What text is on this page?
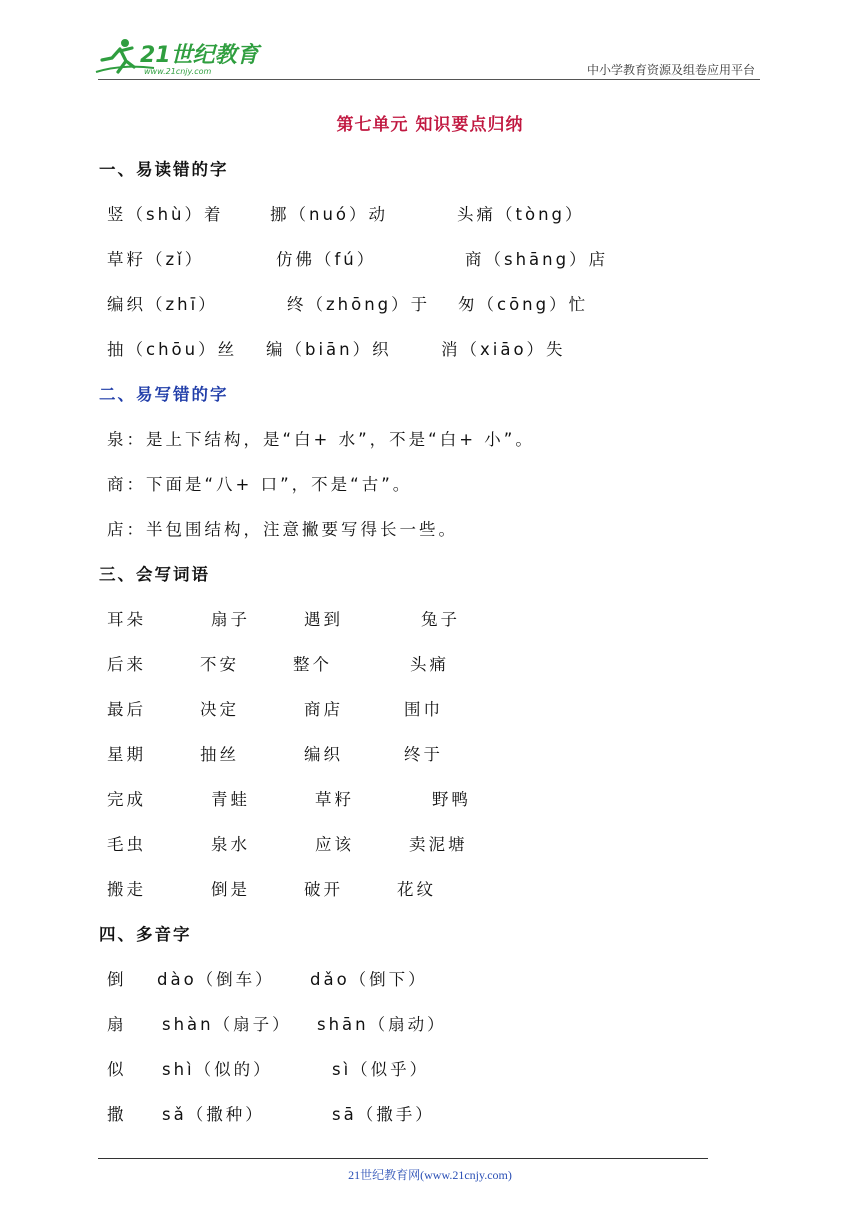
21世纪教育
www.21cnjy.com	中小学教育资源及组卷应用平台
第七单元 知识要点归纳
一、易读错的字
竖（shù）着	挪（nuó）动	头痛（tòng）
草籽（zǐ）	仿佛（fú）	商（shāng）店
编织（zhī）	终（zhōng）于 匆（cōng）忙
抽（chōu）丝 编（biān）织	消（xiāo）失
二、易写错的字
泉：是上下结构，是“白+ 水”，不是“白+ 小”。
商：下面是“八+ 口”，不是“古”。
店：半包围结构，注意撇要写得长一些。
三、会写词语
耳朵	扇子	遇到	兔子
后来	不安	整个	头痛
最后	决定	商店	围巾
星期	抽丝	编织	终于
完成	青蛙	草籽	野鸭
毛虫	泉水	应该	卖泥塘
搬走	倒是	破开	花纹
四、多音字
倒 dào（倒车） dǎo（倒下）
扇 shàn（扇子） shān（扇动）
似 shì（似的）	sì（似乎）
撒 sǎ（撒种）	sā（撒手）
21世纪教育网(www.21cnjy.com)
